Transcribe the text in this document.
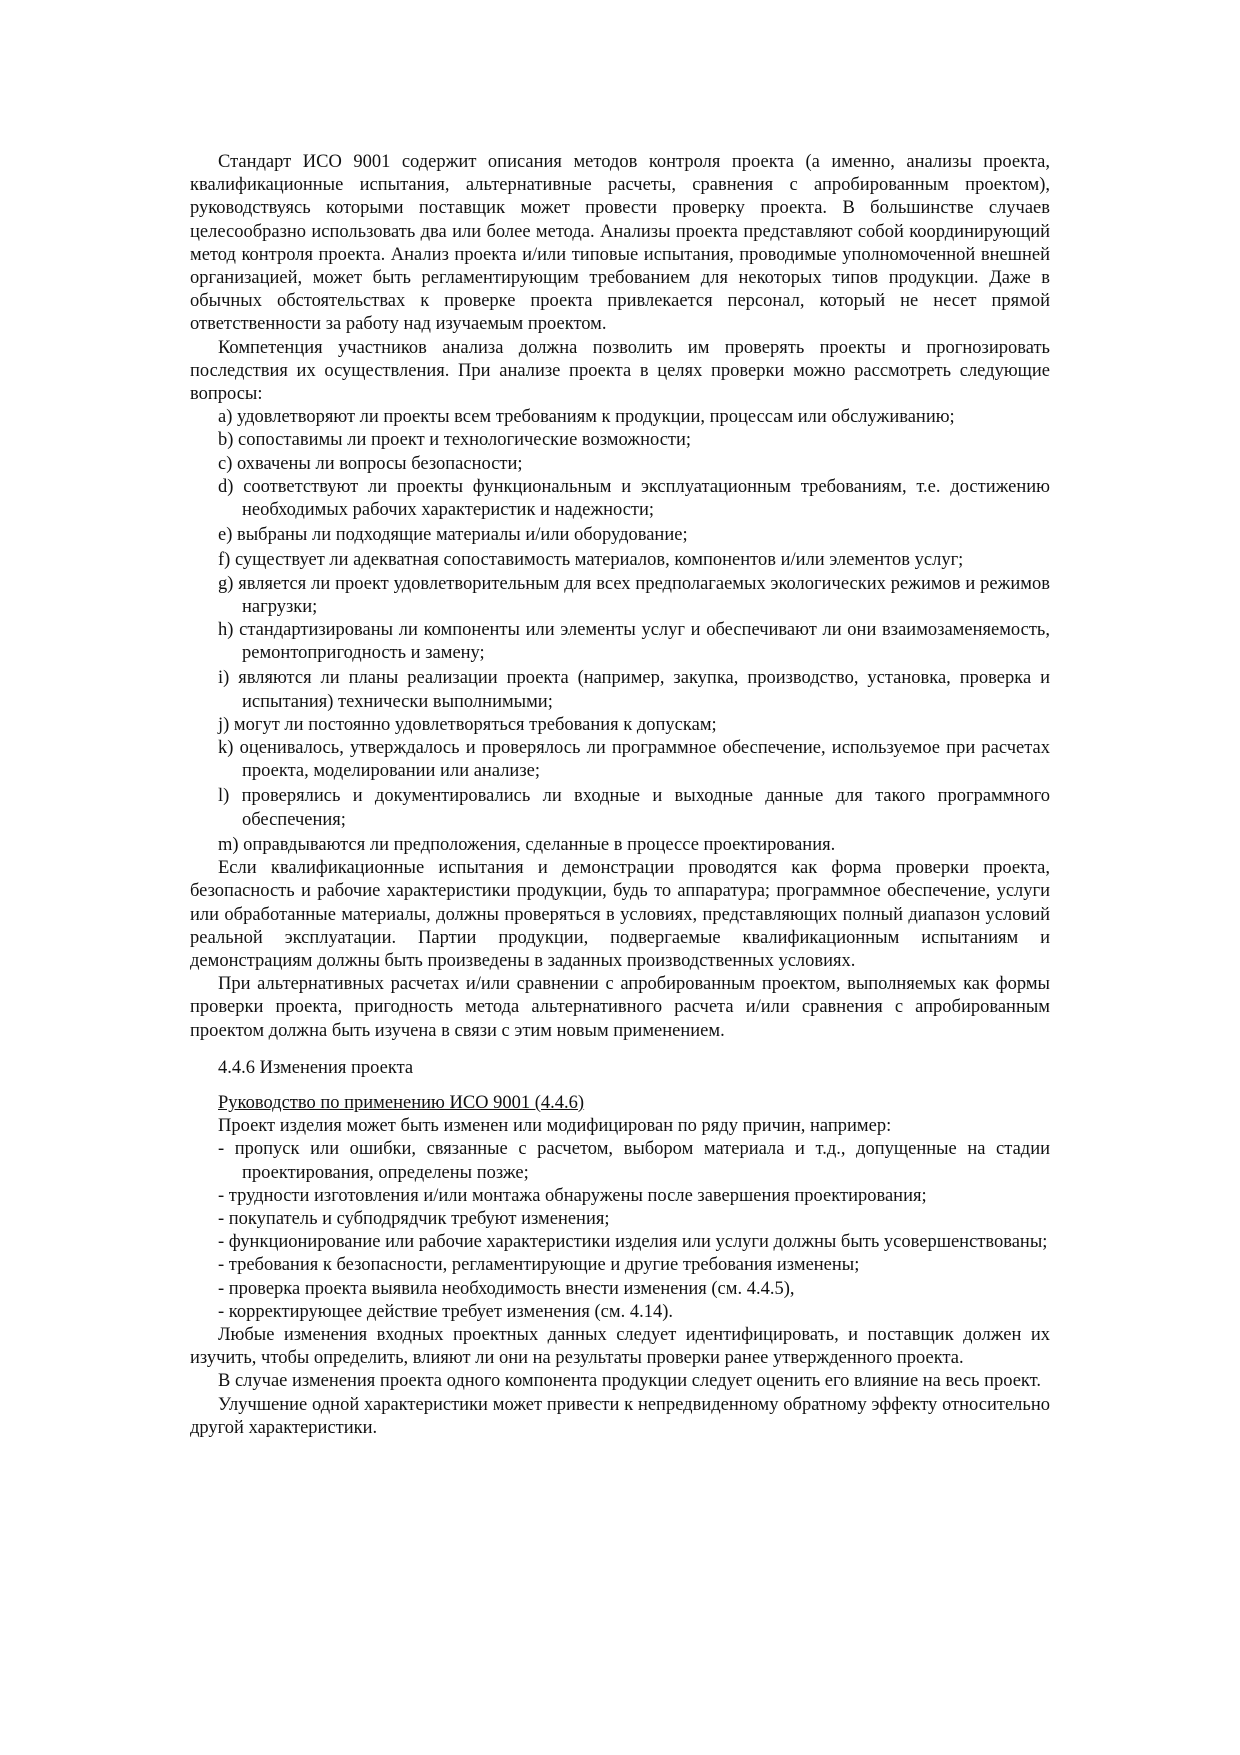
Стандарт ИСО 9001 содержит описания методов контроля проекта (а именно, анализы проекта, квалификационные испытания, альтернативные расчеты, сравнения с апробированным проектом), руководствуясь которыми поставщик может провести проверку проекта. В большинстве случаев целесообразно использовать два или более метода. Анализы проекта представляют собой координирующий метод контроля проекта. Анализ проекта и/или типовые испытания, проводимые уполномоченной внешней организацией, может быть регламентирующим требованием для некоторых типов продукции. Даже в обычных обстоятельствах к проверке проекта привлекается персонал, который не несет прямой ответственности за работу над изучаемым проектом.

Компетенция участников анализа должна позволить им проверять проекты и прогнозировать последствия их осуществления. При анализе проекта в целях проверки можно рассмотреть следующие вопросы:

a) удовлетворяют ли проекты всем требованиям к продукции, процессам или обслуживанию;

b) сопоставимы ли проект и технологические возможности;

c) охвачены ли вопросы безопасности;

d) соответствуют ли проекты функциональным и эксплуатационным требованиям, т.е. достижению необходимых рабочих характеристик и надежности;

e) выбраны ли подходящие материалы и/или оборудование;

f) существует ли адекватная сопоставимость материалов, компонентов и/или элементов услуг;

g) является ли проект удовлетворительным для всех предполагаемых экологических режимов и режимов нагрузки;

h) стандартизированы ли компоненты или элементы услуг и обеспечивают ли они взаимозаменяемость, ремонтопригодность и замену;

i) являются ли планы реализации проекта (например, закупка, производство, установка, проверка и испытания) технически выполнимыми;

j) могут ли постоянно удовлетворяться требования к допускам;

k) оценивалось, утверждалось и проверялось ли программное обеспечение, используемое при расчетах проекта, моделировании или анализе;

l) проверялись и документировались ли входные и выходные данные для такого программного обеспечения;

m) оправдываются ли предположения, сделанные в процессе проектирования.

Если квалификационные испытания и демонстрации проводятся как форма проверки проекта, безопасность и рабочие характеристики продукции, будь то аппаратура; программное обеспечение, услуги или обработанные материалы, должны проверяться в условиях, представляющих полный диапазон условий реальной эксплуатации. Партии продукции, подвергаемые квалификационным испытаниям и демонстрациям должны быть произведены в заданных производственных условиях.

При альтернативных расчетах и/или сравнении с апробированным проектом, выполняемых как формы проверки проекта, пригодность метода альтернативного расчета и/или сравнения с апробированным проектом должна быть изучена в связи с этим новым применением.

4.4.6 Изменения проекта

Руководство по применению ИСО 9001 (4.4.6)

Проект изделия может быть изменен или модифицирован по ряду причин, например:

- пропуск или ошибки, связанные с расчетом, выбором материала и т.д., допущенные на стадии проектирования, определены позже;

- трудности изготовления и/или монтажа обнаружены после завершения проектирования;

- покупатель и субподрядчик требуют изменения;

- функционирование или рабочие характеристики изделия или услуги должны быть усовершенствованы;

- требования к безопасности, регламентирующие и другие требования изменены;

- проверка проекта выявила необходимость внести изменения (см. 4.4.5),

- корректирующее действие требует изменения (см. 4.14).

Любые изменения входных проектных данных следует идентифицировать, и поставщик должен их изучить, чтобы определить, влияют ли они на результаты проверки ранее утвержденного проекта.

В случае изменения проекта одного компонента продукции следует оценить его влияние на весь проект.

Улучшение одной характеристики может привести к непредвиденному обратному эффекту относительно другой характеристики.
